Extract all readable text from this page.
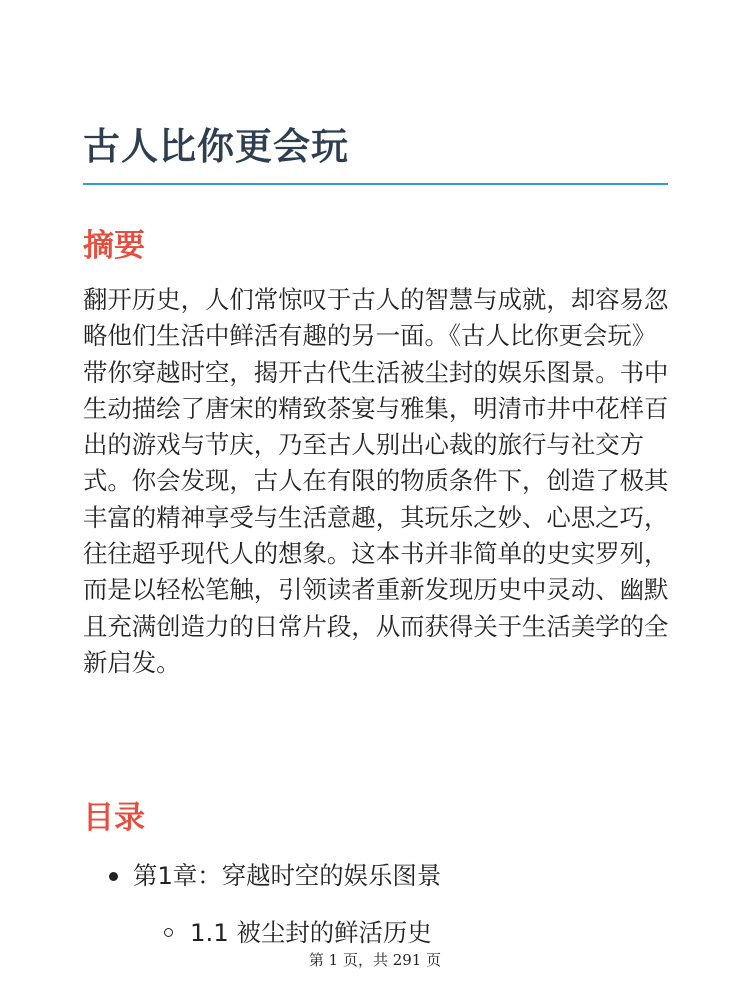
古人比你更会玩
摘要

翻开历史，人们常惊叹于古人的智慧与成就，却容易忽略他们生活中鲜活有趣的另一面。《古人比你更会玩》带你穿越时空，揭开古代生活被尘封的娱乐图景。书中生动描绘了唐宋的精致茶宴与雅集，明清市井中花样百出的游戏与节庆，乃至古人别出心裁的旅行与社交方式。你会发现，古人在有限的物质条件下，创造了极其丰富的精神享受与生活意趣，其玩乐之妙、心思之巧，往往超乎现代人的想象。这本书并非简单的史实罗列，而是以轻松笔触，引领读者重新发现历史中灵动、幽默且充满创造力的日常片段，从而获得关于生活美学的全新启发。

目录
第1章：穿越时空的娱乐图景
1.1 被尘封的鲜活历史
第 1 页，共 291 页
